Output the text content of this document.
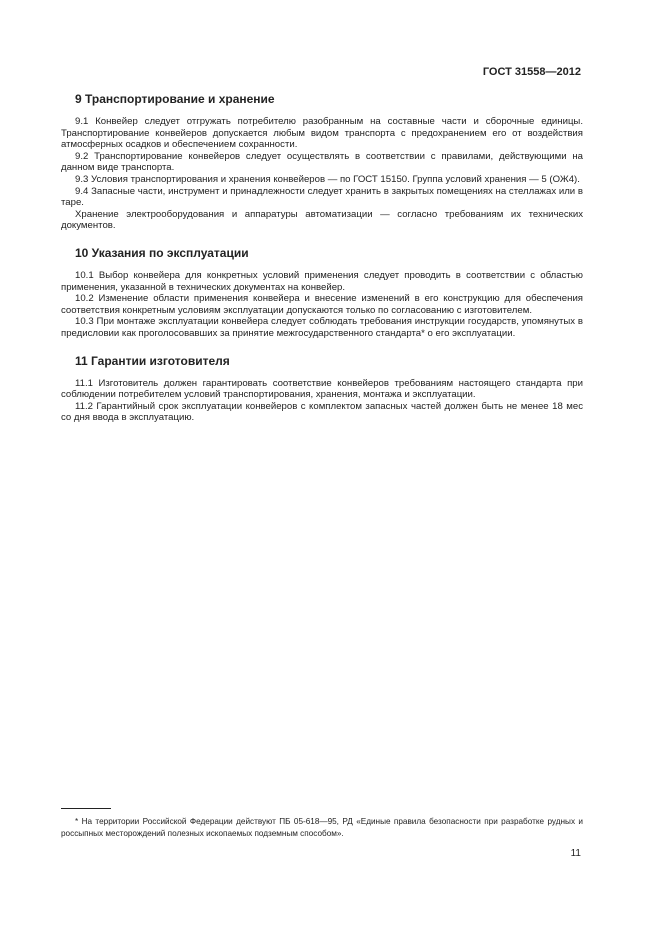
ГОСТ 31558—2012
9 Транспортирование и хранение

9.1 Конвейер следует отгружать потребителю разобранным на составные части и сборочные единицы. Транспортирование конвейеров допускается любым видом транспорта с предохранением его от воздействия атмосферных осадков и обеспечением сохранности.

9.2 Транспортирование конвейеров следует осуществлять в соответствии с правилами, действующими на данном виде транспорта.

9.3 Условия транспортирования и хранения конвейеров — по ГОСТ 15150. Группа условий хранения — 5 (ОЖ4).

9.4 Запасные части, инструмент и принадлежности следует хранить в закрытых помещениях на стеллажах или в таре.

Хранение электрооборудования и аппаратуры автоматизации — согласно требованиям их технических документов.

10 Указания по эксплуатации

10.1 Выбор конвейера для конкретных условий применения следует проводить в соответствии с областью применения, указанной в технических документах на конвейер.

10.2 Изменение области применения конвейера и внесение изменений в его конструкцию для обеспечения соответствия конкретным условиям эксплуатации допускаются только по согласованию с изготовителем.

10.3 При монтаже эксплуатации конвейера следует соблюдать требования инструкции государств, упомянутых в предисловии как проголосовавших за принятие межгосударственного стандарта* о его эксплуатации.

11 Гарантии изготовителя

11.1 Изготовитель должен гарантировать соответствие конвейеров требованиям настоящего стандарта при соблюдении потребителем условий транспортирования, хранения, монтажа и эксплуатации.

11.2 Гарантийный срок эксплуатации конвейеров с комплектом запасных частей должен быть не менее 18 мес со дня ввода в эксплуатацию.

* На территории Российской Федерации действуют ПБ 05-618—95, РД «Единые правила безопасности при разработке рудных и россыпных месторождений полезных ископаемых подземным способом».

11
